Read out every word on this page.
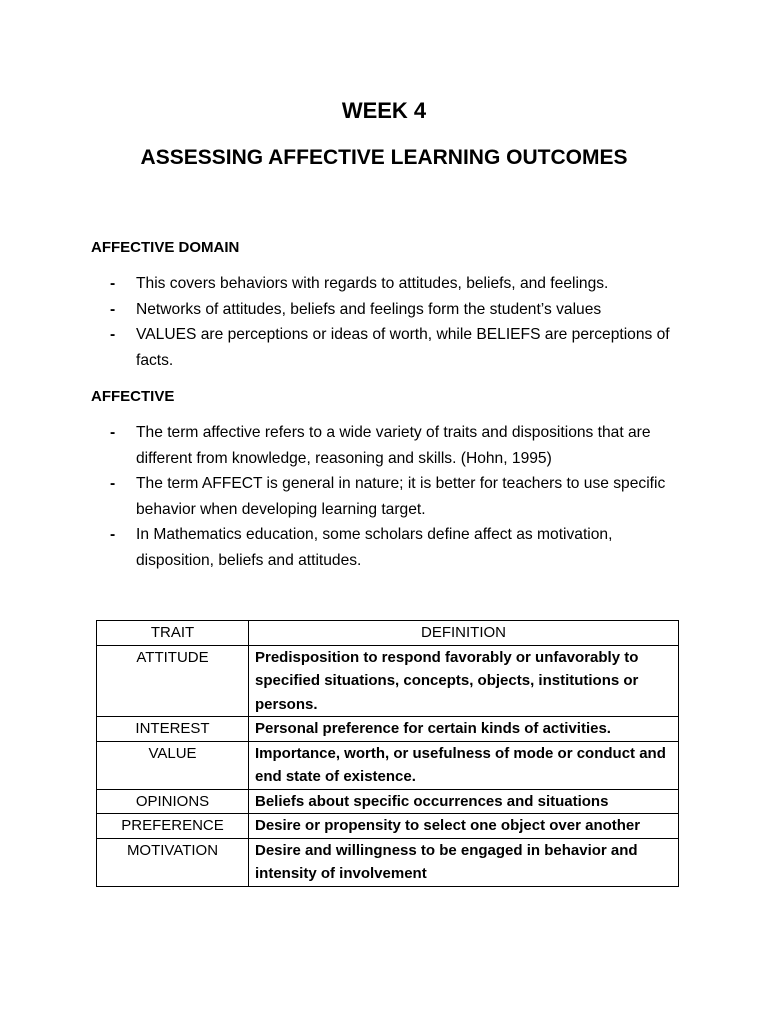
WEEK 4
ASSESSING AFFECTIVE LEARNING OUTCOMES
AFFECTIVE DOMAIN
- This covers behaviors with regards to attitudes, beliefs, and feelings.
- Networks of attitudes, beliefs and feelings form the student’s values
- VALUES are perceptions or ideas of worth, while BELIEFS are perceptions of facts.
AFFECTIVE
- The term affective refers to a wide variety of traits and dispositions that are different from knowledge, reasoning and skills. (Hohn, 1995)
- The term AFFECT is general in nature; it is better for teachers to use specific behavior when developing learning target.
- In Mathematics education, some scholars define affect as motivation, disposition, beliefs and attitudes.
TRAIT	DEFINITION
ATTITUDE	Predisposition to respond favorably or unfavorably to specified situations, concepts, objects, institutions or persons.
INTEREST	Personal preference for certain kinds of activities.
VALUE	Importance, worth, or usefulness of mode or conduct and end state of existence.
OPINIONS	Beliefs about specific occurrences and situations
PREFERENCE	Desire or propensity to select one object over another
MOTIVATION	Desire and willingness to be engaged in behavior and intensity of involvement
